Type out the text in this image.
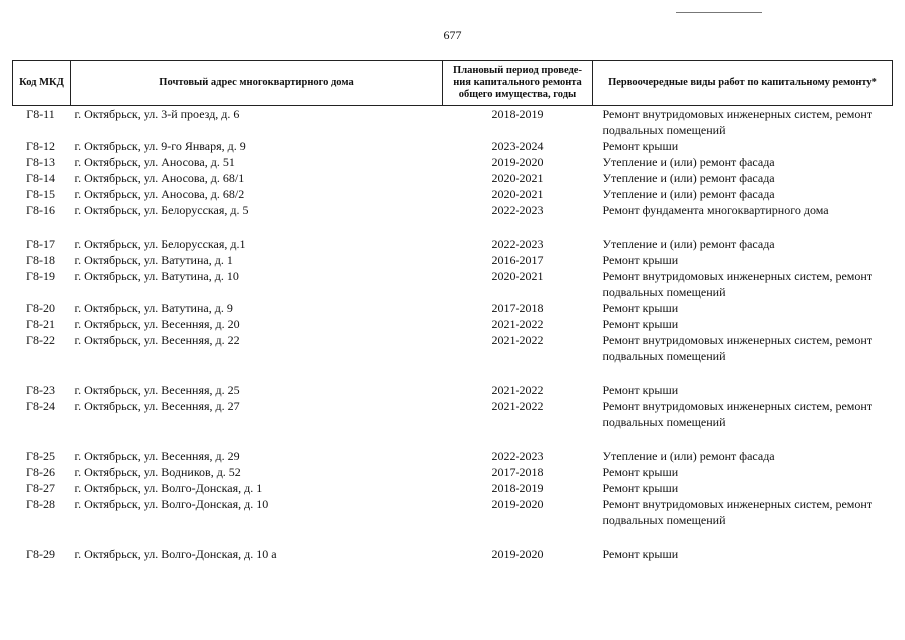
677
Код МКД	Почтовый адрес многоквартирного дома	Плановый период проведе-ния капитального ремонта общего имущества, годы	Первоочередные виды работ по капитальному ремонту*
Г8-11	г. Октябрьск, ул. 3-й проезд, д. 6	2018-2019	Ремонт внутридомовых инженерных систем, ремонт подвальных помещений
Г8-12	г. Октябрьск, ул. 9-го Января, д. 9	2023-2024	Ремонт крыши
Г8-13	г. Октябрьск, ул. Аносова, д. 51	2019-2020	Утепление и (или) ремонт фасада
Г8-14	г. Октябрьск, ул. Аносова, д. 68/1	2020-2021	Утепление и (или) ремонт фасада
Г8-15	г. Октябрьск, ул. Аносова, д. 68/2	2020-2021	Утепление и (или) ремонт фасада
Г8-16	г. Октябрьск, ул. Белорусская, д. 5	2022-2023	Ремонт фундамента многоквартирного дома
Г8-17	г. Октябрьск, ул. Белорусская, д.1	2022-2023	Утепление и (или) ремонт фасада
Г8-18	г. Октябрьск, ул. Ватутина, д. 1	2016-2017	Ремонт крыши
Г8-19	г. Октябрьск, ул. Ватутина, д. 10	2020-2021	Ремонт внутридомовых инженерных систем, ремонт подвальных помещений
Г8-20	г. Октябрьск, ул. Ватутина, д. 9	2017-2018	Ремонт крыши
Г8-21	г. Октябрьск, ул. Весенняя, д. 20	2021-2022	Ремонт крыши
Г8-22	г. Октябрьск, ул. Весенняя, д. 22	2021-2022	Ремонт внутридомовых инженерных систем, ремонт подвальных помещений
Г8-23	г. Октябрьск, ул. Весенняя, д. 25	2021-2022	Ремонт крыши
Г8-24	г. Октябрьск, ул. Весенняя, д. 27	2021-2022	Ремонт внутридомовых инженерных систем, ремонт подвальных помещений
Г8-25	г. Октябрьск, ул. Весенняя, д. 29	2022-2023	Утепление и (или) ремонт фасада
Г8-26	г. Октябрьск, ул. Водников, д. 52	2017-2018	Ремонт крыши
Г8-27	г. Октябрьск, ул. Волго-Донская, д. 1	2018-2019	Ремонт крыши
Г8-28	г. Октябрьск, ул. Волго-Донская, д. 10	2019-2020	Ремонт внутридомовых инженерных систем, ремонт подвальных помещений
Г8-29	г. Октябрьск, ул. Волго-Донская, д. 10 а	2019-2020	Ремонт крыши
